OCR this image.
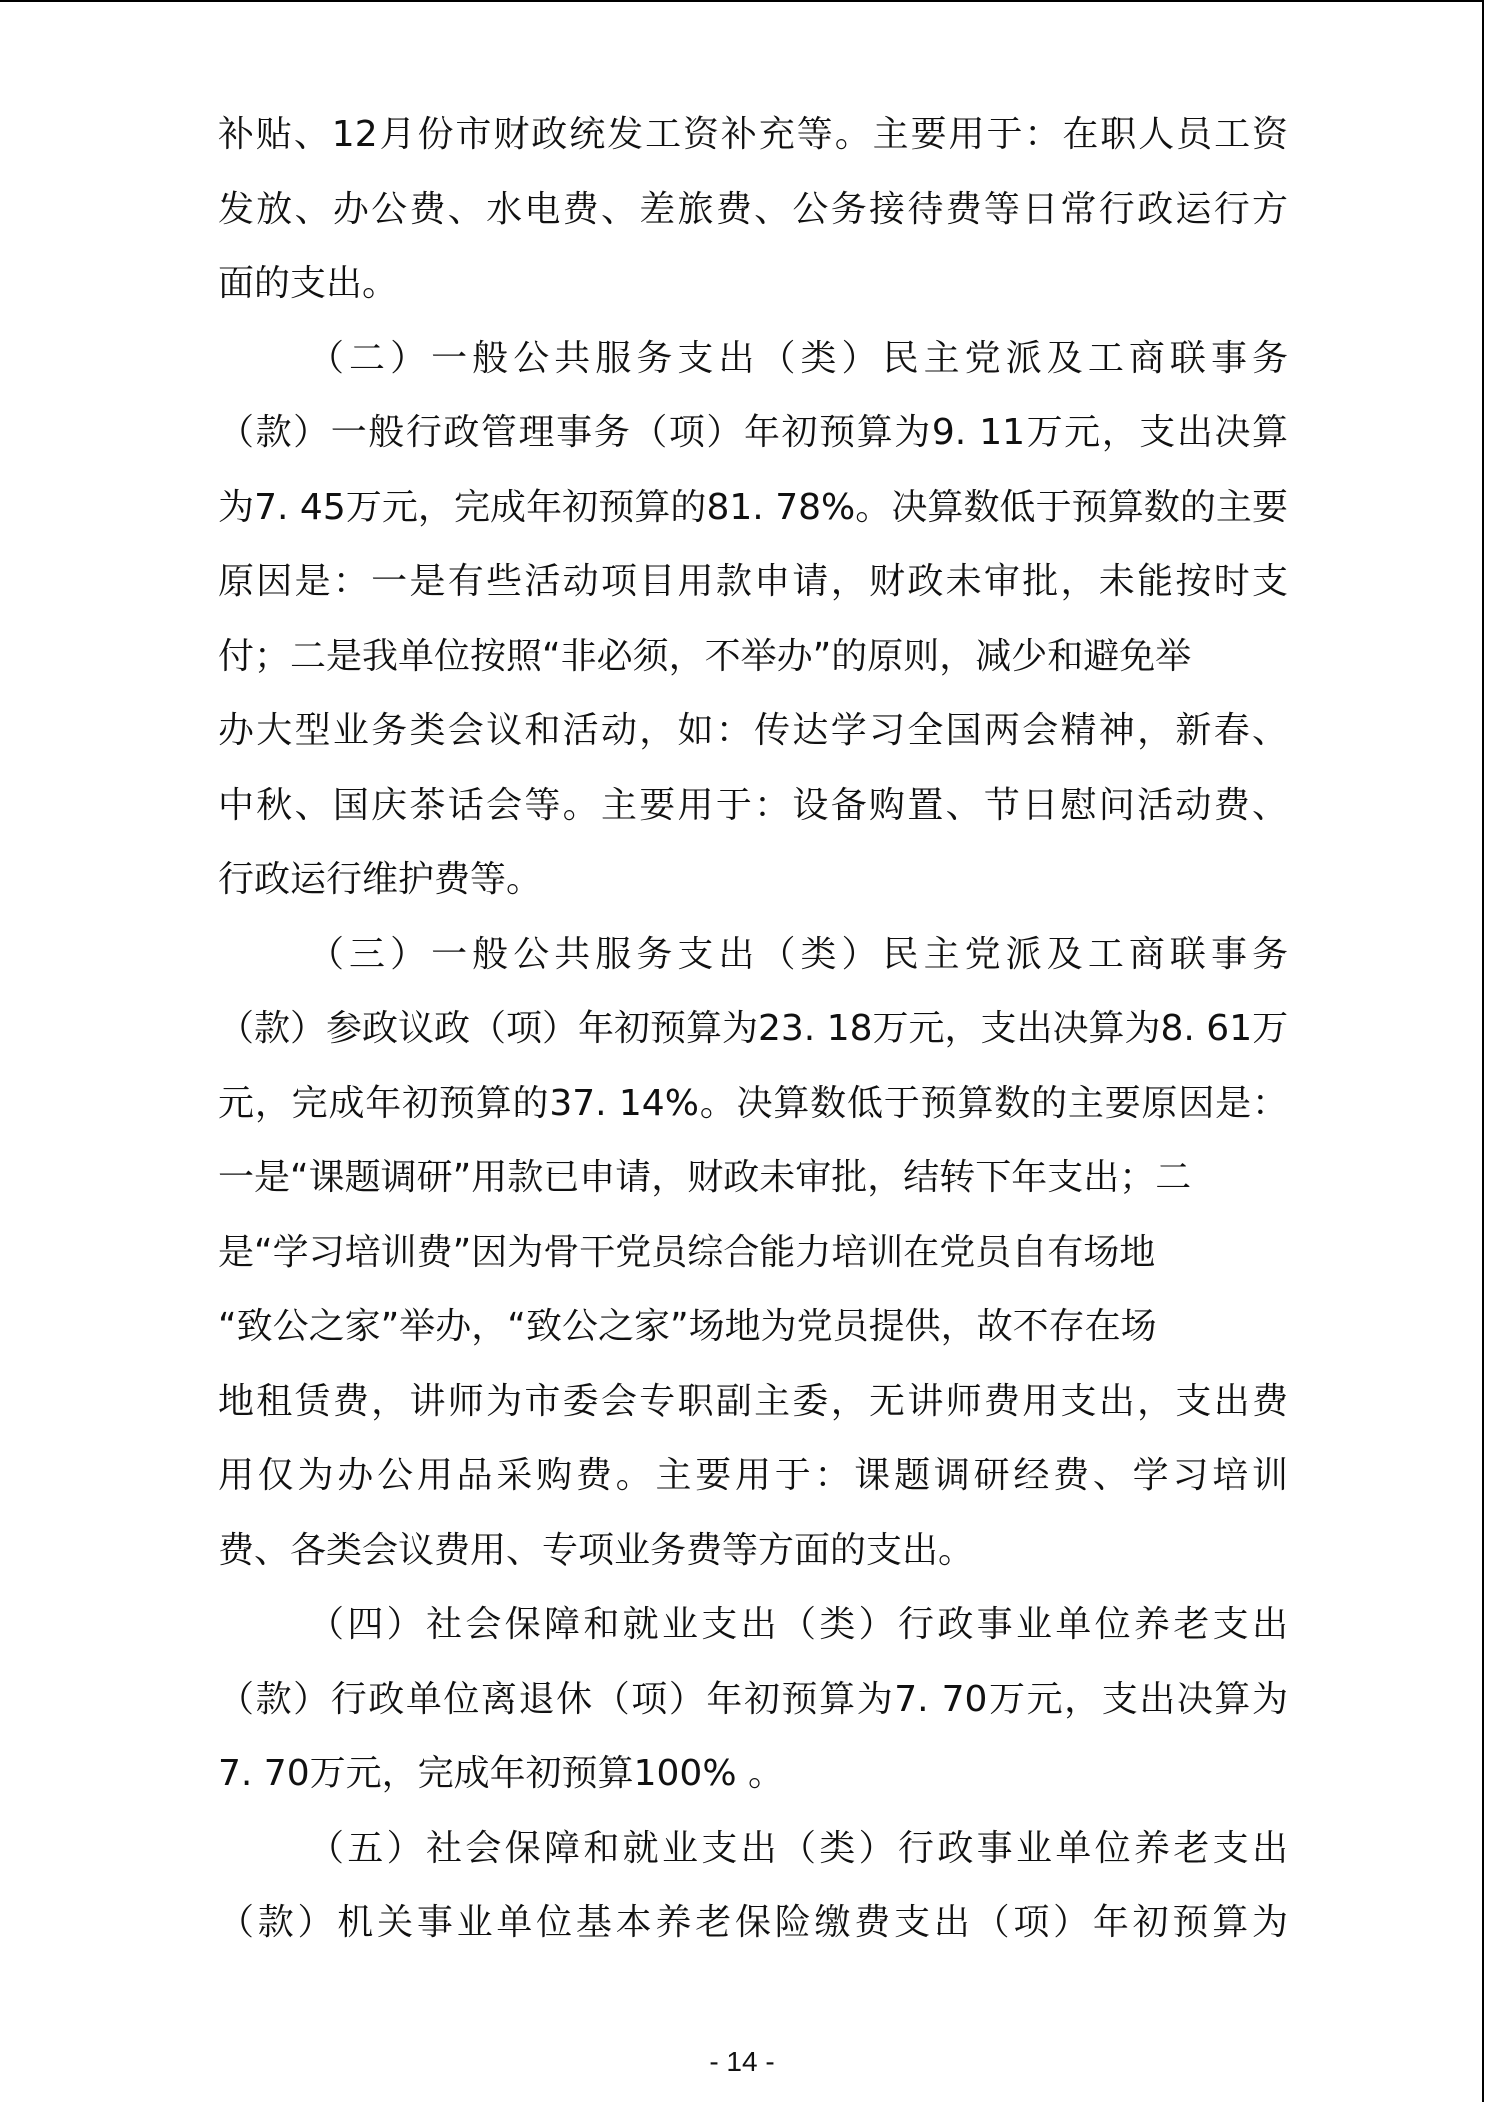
补贴、12月份市财政统发工资补充等。主要用于：在职人员工资
发放、办公费、水电费、差旅费、公务接待费等日常行政运行方
面的支出。
（二）一般公共服务支出（类）民主党派及工商联事务
（款）一般行政管理事务（项）年初预算为9. 11万元，支出决算
为7. 45万元，完成年初预算的81. 78%。决算数低于预算数的主要
原因是：一是有些活动项目用款申请，财政未审批，未能按时支
付；二是我单位按照“非必须，不举办”的原则，减少和避免举
办大型业务类会议和活动，如：传达学习全国两会精神，新春、
中秋、国庆茶话会等。主要用于：设备购置、节日慰问活动费、
行政运行维护费等。
（三）一般公共服务支出（类）民主党派及工商联事务
（款）参政议政（项）年初预算为23. 18万元，支出决算为8. 61万
元，完成年初预算的37. 14%。决算数低于预算数的主要原因是：
一是“课题调研”用款已申请，财政未审批，结转下年支出；二
是“学习培训费”因为骨干党员综合能力培训在党员自有场地
“致公之家”举办，“致公之家”场地为党员提供，故不存在场
地租赁费，讲师为市委会专职副主委，无讲师费用支出，支出费
用仅为办公用品采购费。主要用于：课题调研经费、学习培训
费、各类会议费用、专项业务费等方面的支出。
（四）社会保障和就业支出（类）行政事业单位养老支出
（款）行政单位离退休（项）年初预算为7. 70万元，支出决算为
7. 70万元，完成年初预算100% 。
（五）社会保障和就业支出（类）行政事业单位养老支出
（款）机关事业单位基本养老保险缴费支出（项）年初预算为
- 14 -
